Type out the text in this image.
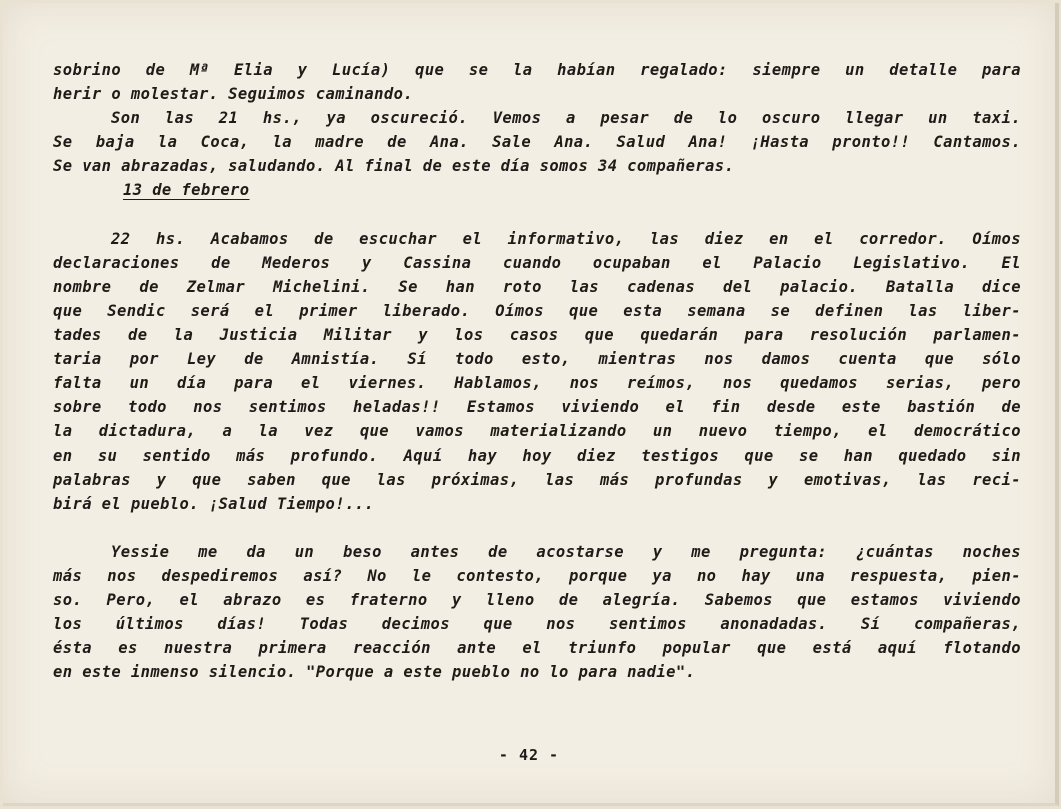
sobrino de Mª Elia y Lucía) que se la habían regalado: siempre un detalle para
herir o molestar. Seguimos caminando.
Son las 21 hs., ya oscureció. Vemos a pesar de lo oscuro llegar un taxi.
Se baja la Coca, la madre de Ana. Sale Ana. Salud Ana! ¡Hasta pronto!! Cantamos.
Se van abrazadas, saludando. Al final de este día somos 34 compañeras.
13 de febrero
22 hs. Acabamos de escuchar el informativo, las diez en el corredor. Oímos
declaraciones de Mederos y Cassina cuando ocupaban el Palacio Legislativo. El
nombre de Zelmar Michelini. Se han roto las cadenas del palacio. Batalla dice
que Sendic será el primer liberado. Oímos que esta semana se definen las liber-
tades de la Justicia Militar y los casos que quedarán para resolución parlamen-
taria por Ley de Amnistía. Sí todo esto, mientras nos damos cuenta que sólo
falta un día para el viernes. Hablamos, nos reímos, nos quedamos serias, pero
sobre todo nos sentimos heladas!! Estamos viviendo el fin desde este bastión de
la dictadura, a la vez que vamos materializando un nuevo tiempo, el democrático
en su sentido más profundo. Aquí hay hoy diez testigos que se han quedado sin
palabras y que saben que las próximas, las más profundas y emotivas, las reci-
birá el pueblo. ¡Salud Tiempo!...
Yessie me da un beso antes de acostarse y me pregunta: ¿cuántas noches
más nos despediremos así? No le contesto, porque ya no hay una respuesta, pien-
so. Pero, el abrazo es fraterno y lleno de alegría. Sabemos que estamos viviendo
los últimos días! Todas decimos que nos sentimos anonadadas. Sí compañeras,
ésta es nuestra primera reacción ante el triunfo popular que está aquí flotando
en este inmenso silencio. "Porque a este pueblo no lo para nadie".
- 42 -
